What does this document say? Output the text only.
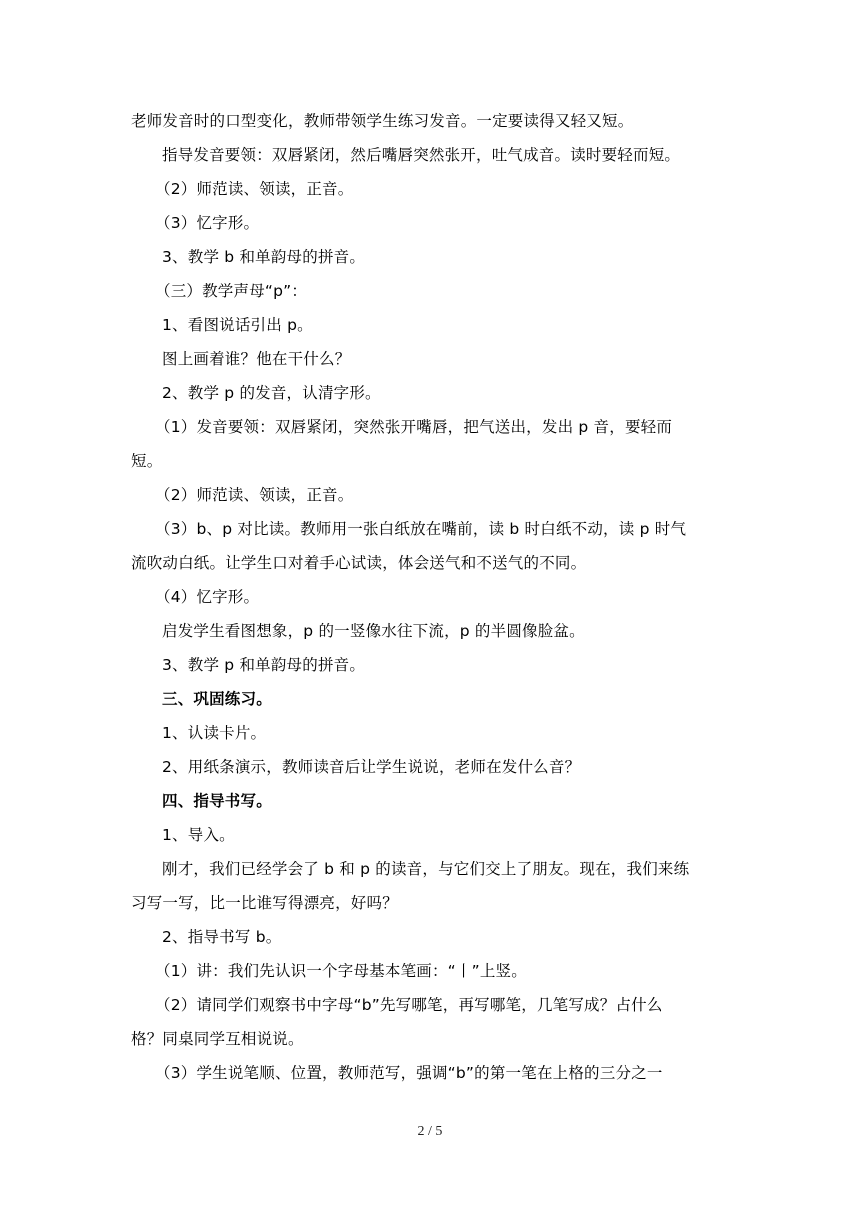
老师发音时的口型变化，教师带领学生练习发音。一定要读得又轻又短。
指导发音要领：双唇紧闭，然后嘴唇突然张开，吐气成音。读时要轻而短。
（2）师范读、领读，正音。
（3）忆字形。
3、教学 b 和单韵母的拼音。
（三）教学声母“p”：
1、看图说话引出 p。
图上画着谁？他在干什么？
2、教学 p 的发音，认清字形。
（1）发音要领：双唇紧闭，突然张开嘴唇，把气送出，发出 p 音，要轻而
短。
（2）师范读、领读，正音。
（3）b、p 对比读。教师用一张白纸放在嘴前，读 b 时白纸不动，读 p 时气
流吹动白纸。让学生口对着手心试读，体会送气和不送气的不同。
（4）忆字形。
启发学生看图想象，p 的一竖像水往下流，p 的半圆像脸盆。
3、教学 p 和单韵母的拼音。
三、巩固练习。
1、认读卡片。
2、用纸条演示，教师读音后让学生说说，老师在发什么音？
四、指导书写。
1、导入。
刚才，我们已经学会了 b 和 p 的读音，与它们交上了朋友。现在，我们来练
习写一写，比一比谁写得漂亮，好吗？
2、指导书写 b。
（1）讲：我们先认识一个字母基本笔画：“丨”上竖。
（2）请同学们观察书中字母“b”先写哪笔，再写哪笔，几笔写成？占什么
格？同桌同学互相说说。
（3）学生说笔顺、位置，教师范写，强调“b”的第一笔在上格的三分之一
2 / 5
